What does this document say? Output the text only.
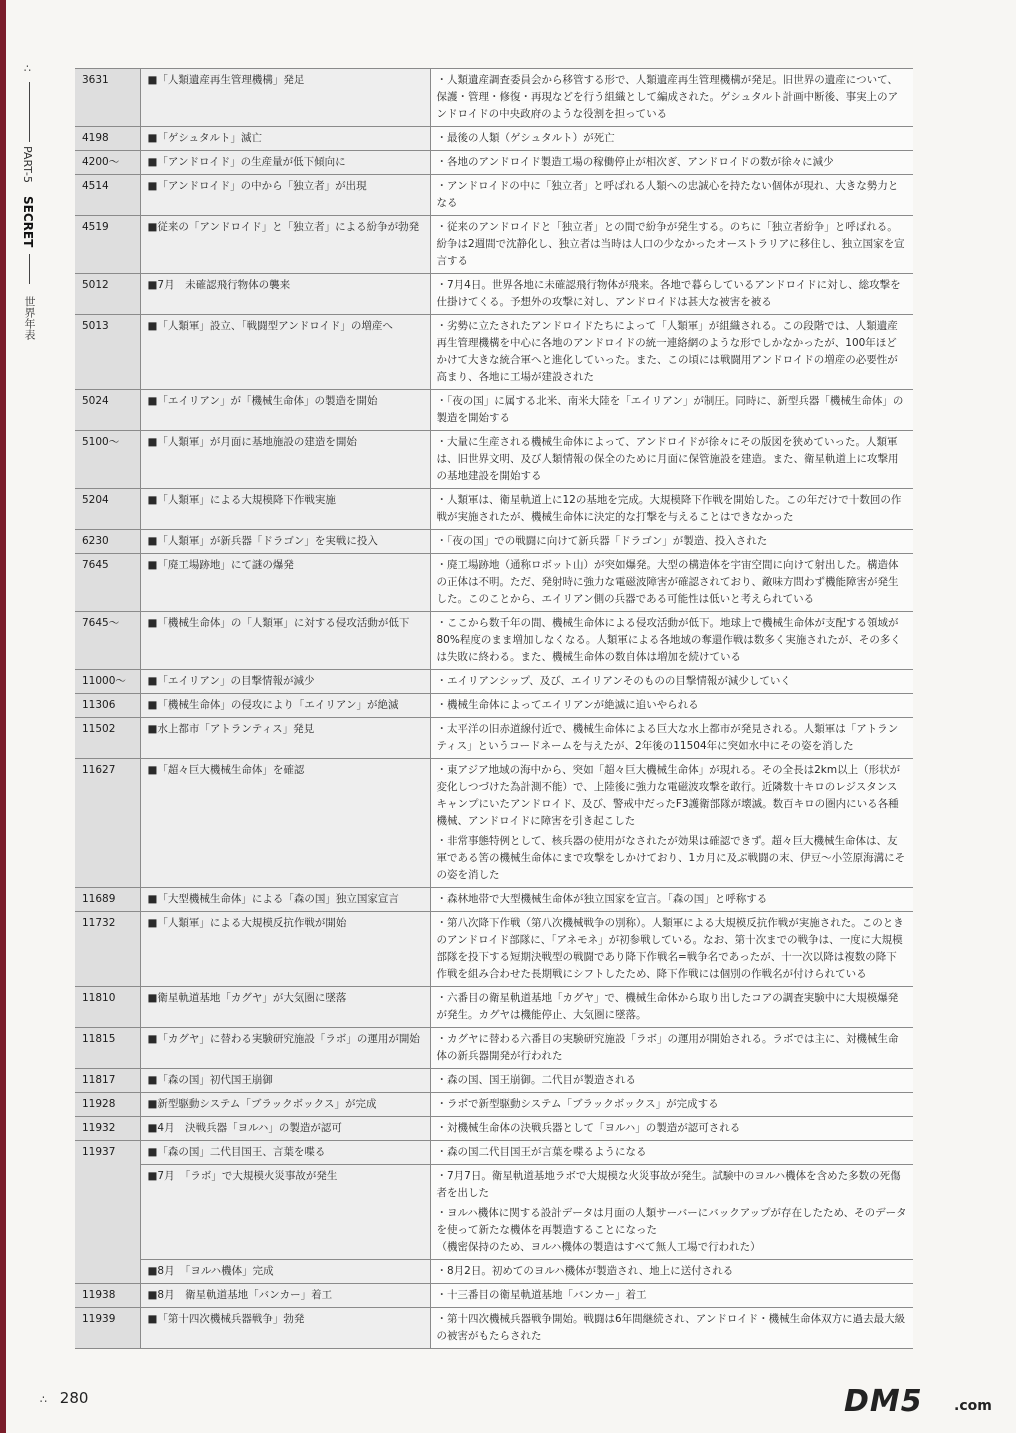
∴
PART-5
SECRET
世界年表
3631	■「人類遺産再生管理機構」発足	・人類遺産調査委員会から移管する形で、人類遺産再生管理機構が発足。旧世界の遺産について、保護・管理・修復・再現などを行う組織として編成された。ゲシュタルト計画中断後、事実上のアンドロイドの中央政府のような役割を担っている

4198	■「ゲシュタルト」滅亡	・最後の人類（ゲシュタルト）が死亡

4200〜	■「アンドロイド」の生産量が低下傾向に	・各地のアンドロイド製造工場の稼働停止が相次ぎ、アンドロイドの数が徐々に減少

4514	■「アンドロイド」の中から「独立者」が出現	・アンドロイドの中に「独立者」と呼ばれる人類への忠誠心を持たない個体が現れ、大きな勢力となる

4519	■従来の「アンドロイド」と「独立者」による紛争が勃発	・従来のアンドロイドと「独立者」との間で紛争が発生する。のちに「独立者紛争」と呼ばれる。紛争は2週間で沈静化し、独立者は当時は人口の少なかったオーストラリアに移住し、独立国家を宣言する

5012	■7月　未確認飛行物体の襲来	・7月4日。世界各地に未確認飛行物体が飛来。各地で暮らしているアンドロイドに対し、総攻撃を仕掛けてくる。予想外の攻撃に対し、アンドロイドは甚大な被害を被る

5013	■「人類軍」設立、「戦闘型アンドロイド」の増産へ	・劣勢に立たされたアンドロイドたちによって「人類軍」が組織される。この段階では、人類遺産再生管理機構を中心に各地のアンドロイドの統一連絡網のような形でしかなかったが、100年ほどかけて大きな統合軍へと進化していった。また、この頃には戦闘用アンドロイドの増産の必要性が高まり、各地に工場が建設された

5024	■「エイリアン」が「機械生命体」の製造を開始	・「夜の国」に属する北米、南米大陸を「エイリアン」が制圧。同時に、新型兵器「機械生命体」の製造を開始する

5100〜	■「人類軍」が月面に基地施設の建造を開始	・大量に生産される機械生命体によって、アンドロイドが徐々にその版図を狭めていった。人類軍は、旧世界文明、及び人類情報の保全のために月面に保管施設を建造。また、衛星軌道上に攻撃用の基地建設を開始する

5204	■「人類軍」による大規模降下作戦実施	・人類軍は、衛星軌道上に12の基地を完成。大規模降下作戦を開始した。この年だけで十数回の作戦が実施されたが、機械生命体に決定的な打撃を与えることはできなかった

6230	■「人類軍」が新兵器「ドラゴン」を実戦に投入	・「夜の国」での戦闘に向けて新兵器「ドラゴン」が製造、投入された

7645	■「廃工場跡地」にて謎の爆発	・廃工場跡地（通称ロボット山）が突如爆発。大型の構造体を宇宙空間に向けて射出した。構造体の正体は不明。ただ、発射時に強力な電磁波障害が確認されており、敵味方問わず機能障害が発生した。このことから、エイリアン側の兵器である可能性は低いと考えられている

7645〜	■「機械生命体」の「人類軍」に対する侵攻活動が低下	・ここから数千年の間、機械生命体による侵攻活動が低下。地球上で機械生命体が支配する領域が80%程度のまま増加しなくなる。人類軍による各地域の奪還作戦は数多く実施されたが、その多くは失敗に終わる。また、機械生命体の数自体は増加を続けている

11000〜	■「エイリアン」の目撃情報が減少	・エイリアンシップ、及び、エイリアンそのものの目撃情報が減少していく

11306	■「機械生命体」の侵攻により「エイリアン」が絶滅	・機械生命体によってエイリアンが絶滅に追いやられる

11502	■水上都市「アトランティス」発見	・太平洋の旧赤道線付近で、機械生命体による巨大な水上都市が発見される。人類軍は「アトランティス」というコードネームを与えたが、2年後の11504年に突如水中にその姿を消した

11627	■「超々巨大機械生命体」を確認	・東アジア地域の海中から、突如「超々巨大機械生命体」が現れる。その全長は2km以上（形状が変化しつづけた為計測不能）で、上陸後に強力な電磁波攻撃を敢行。近隣数十キロのレジスタンスキャンプにいたアンドロイド、及び、警戒中だったF3護衛部隊が壊滅。数百キロの圏内にいる各種機械、アンドロイドに障害を引き起こした
・非常事態特例として、核兵器の使用がなされたが効果は確認できず。超々巨大機械生命体は、友軍である筈の機械生命体にまで攻撃をしかけており、1カ月に及ぶ戦闘の末、伊豆〜小笠原海溝にその姿を消した

11689	■「大型機械生命体」による「森の国」独立国家宣言	・森林地帯で大型機械生命体が独立国家を宣言。「森の国」と呼称する

11732	■「人類軍」による大規模反抗作戦が開始	・第八次降下作戦（第八次機械戦争の別称）。人類軍による大規模反抗作戦が実施された。このときのアンドロイド部隊に、「アネモネ」が初参戦している。なお、第十次までの戦争は、一度に大規模部隊を投下する短期決戦型の戦闘であり降下作戦名=戦争名であったが、十一次以降は複数の降下作戦を組み合わせた長期戦にシフトしたため、降下作戦には個別の作戦名が付けられている

11810	■衛星軌道基地「カグヤ」が大気圏に墜落	・六番目の衛星軌道基地「カグヤ」で、機械生命体から取り出したコアの調査実験中に大規模爆発が発生。カグヤは機能停止、大気圏に墜落。

11815	■「カグヤ」に替わる実験研究施設「ラボ」の運用が開始	・カグヤに替わる六番目の実験研究施設「ラボ」の運用が開始される。ラボでは主に、対機械生命体の新兵器開発が行われた

11817	■「森の国」初代国王崩御	・森の国、国王崩御。二代目が製造される

11928	■新型駆動システム「ブラックボックス」が完成	・ラボで新型駆動システム「ブラックボックス」が完成する

11932	■4月　決戦兵器「ヨルハ」の製造が認可	・対機械生命体の決戦兵器として「ヨルハ」の製造が認可される

11937	■「森の国」二代目国王、言葉を喋る	・森の国二代目国王が言葉を喋るようになる

	■7月　「ラボ」で大規模火災事故が発生	・7月7日。衛星軌道基地ラボで大規模な火災事故が発生。試験中のヨルハ機体を含めた多数の死傷者を出した
・ヨルハ機体に関する設計データは月面の人類サーバーにバックアップが存在したため、そのデータを使って新たな機体を再製造することになった
（機密保持のため、ヨルハ機体の製造はすべて無人工場で行われた）

	■8月　「ヨルハ機体」完成	・8月2日。初めてのヨルハ機体が製造され、地上に送付される

11938	■8月　衛星軌道基地「バンカー」着工	・十三番目の衛星軌道基地「バンカー」着工

11939	■「第十四次機械兵器戦争」勃発	・第十四次機械兵器戦争開始。戦闘は6年間継続され、アンドロイド・機械生命体双方に過去最大級の被害がもたらされた
∴ 280	DM5 .com
